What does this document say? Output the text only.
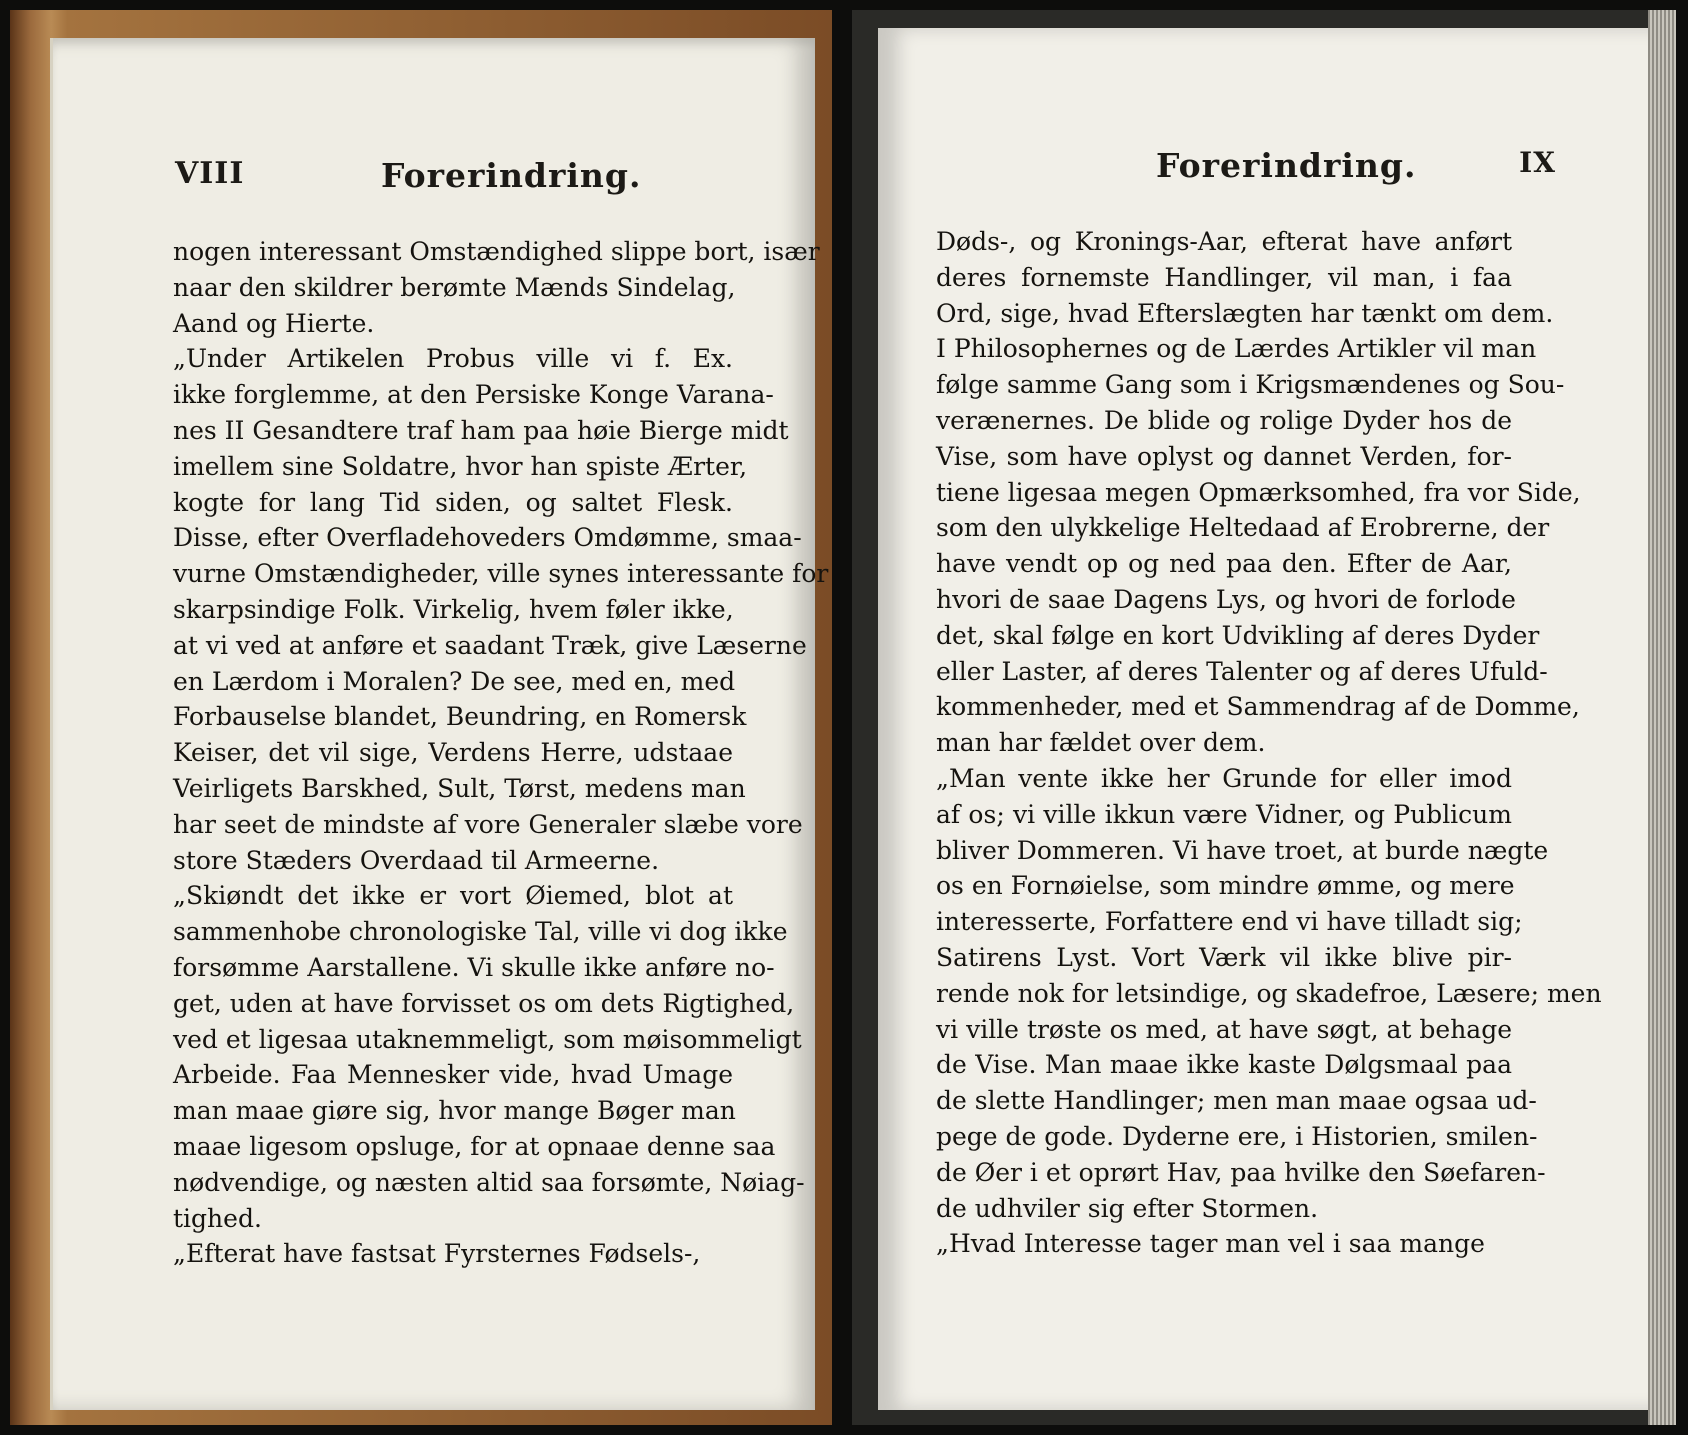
VIII	Forerindring.
nogen interessant Omstændighed slippe bort, især
naar den skildrer berømte Mænds Sindelag,
Aand og Hierte.
„Under Artikelen Probus ville vi f. Ex.
ikke forglemme, at den Persiske Konge Varana-
nes II Gesandtere traf ham paa høie Bierge midt
imellem sine Soldatre, hvor han spiste Ærter,
kogte for lang Tid siden, og saltet Flesk.
Disse, efter Overfladehoveders Omdømme, smaa-
vurne Omstændigheder, ville synes interessante for
skarpsindige Folk. Virkelig, hvem føler ikke,
at vi ved at anføre et saadant Træk, give Læserne
en Lærdom i Moralen? De see, med en, med
Forbauselse blandet, Beundring, en Romersk
Keiser, det vil sige, Verdens Herre, udstaae
Veirligets Barskhed, Sult, Tørst, medens man
har seet de mindste af vore Generaler slæbe vore
store Stæders Overdaad til Armeerne.
„Skiøndt det ikke er vort Øiemed, blot at
sammenhobe chronologiske Tal, ville vi dog ikke
forsømme Aarstallene. Vi skulle ikke anføre no-
get, uden at have forvisset os om dets Rigtighed,
ved et ligesaa utaknemmeligt, som møisommeligt
Arbeide. Faa Mennesker vide, hvad Umage
man maae giøre sig, hvor mange Bøger man
maae ligesom opsluge, for at opnaae denne saa
nødvendige, og næsten altid saa forsømte, Nøiag-
tighed.
„Efterat have fastsat Fyrsternes Fødsels-,
Forerindring.	IX
Døds-, og Kronings-Aar, efterat have anført
deres fornemste Handlinger, vil man, i faa
Ord, sige, hvad Efterslægten har tænkt om dem.
I Philosophernes og de Lærdes Artikler vil man
følge samme Gang som i Krigsmændenes og Sou-
verænernes. De blide og rolige Dyder hos de
Vise, som have oplyst og dannet Verden, for-
tiene ligesaa megen Opmærksomhed, fra vor Side,
som den ulykkelige Heltedaad af Erobrerne, der
have vendt op og ned paa den. Efter de Aar,
hvori de saae Dagens Lys, og hvori de forlode
det, skal følge en kort Udvikling af deres Dyder
eller Laster, af deres Talenter og af deres Ufuld-
kommenheder, med et Sammendrag af de Domme,
man har fældet over dem.
„Man vente ikke her Grunde for eller imod
af os; vi ville ikkun være Vidner, og Publicum
bliver Dommeren. Vi have troet, at burde nægte
os en Fornøielse, som mindre ømme, og mere
interesserte, Forfattere end vi have tilladt sig;
Satirens Lyst. Vort Værk vil ikke blive pir-
rende nok for letsindige, og skadefroe, Læsere; men
vi ville trøste os med, at have søgt, at behage
de Vise. Man maae ikke kaste Dølgsmaal paa
de slette Handlinger; men man maae ogsaa ud-
pege de gode. Dyderne ere, i Historien, smilen-
de Øer i et oprørt Hav, paa hvilke den Søefaren-
de udhviler sig efter Stormen.
„Hvad Interesse tager man vel i saa mange
